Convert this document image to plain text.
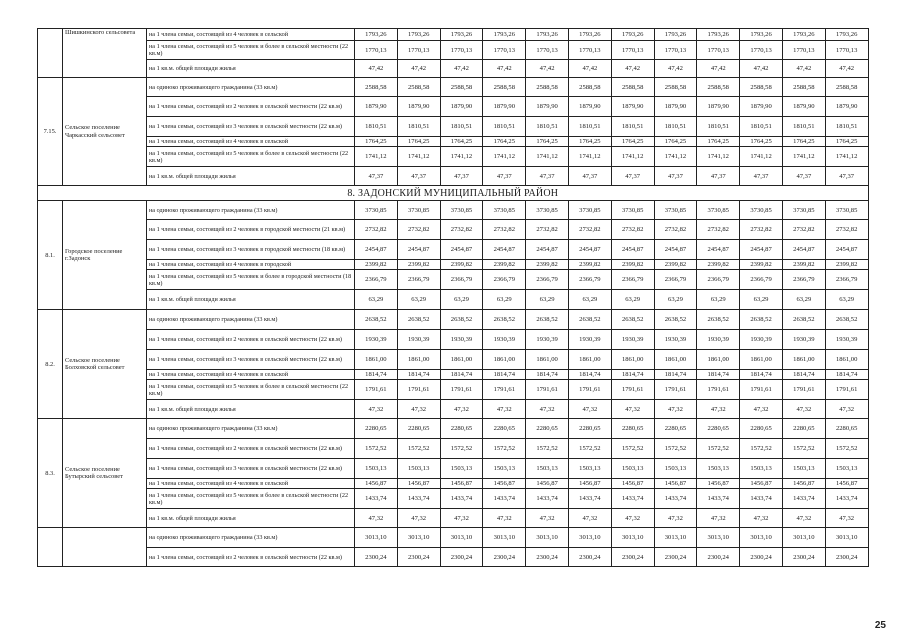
	Шишкинского сельсовета	на 1 члена семьи, состоящей из 4 человек в сельской	1793,26	1793,26	1793,26	1793,26	1793,26	1793,26	1793,26	1793,26	1793,26	1793,26	1793,26	1793,26
		на 1 члена семьи, состоящей из 5 человек и более в сельской местности (22 кв.м)	1770,13	1770,13	1770,13	1770,13	1770,13	1770,13	1770,13	1770,13	1770,13	1770,13	1770,13	1770,13
		на 1 кв.м. общей площади жилья	47,42	47,42	47,42	47,42	47,42	47,42	47,42	47,42	47,42	47,42	47,42	47,42
7.15.	Сельское поселение Чаркасский сельсовет	на одиноко проживающего гражданина (33 кв.м)	2588,58	2588,58	2588,58	2588,58	2588,58	2588,58	2588,58	2588,58	2588,58	2588,58	2588,58	2588,58
		на 1 члена семьи, состоящей из 2 человек в сельской местности (22 кв.м)	1879,90	1879,90	1879,90	1879,90	1879,90	1879,90	1879,90	1879,90	1879,90	1879,90	1879,90	1879,90
		на 1 члена семьи, состоящей из 3 человек в сельской местности (22 кв.м)	1810,51	1810,51	1810,51	1810,51	1810,51	1810,51	1810,51	1810,51	1810,51	1810,51	1810,51	1810,51
		на 1 члена семьи, состоящей из 4 человек в сельской	1764,25	1764,25	1764,25	1764,25	1764,25	1764,25	1764,25	1764,25	1764,25	1764,25	1764,25	1764,25
		на 1 члена семьи, состоящей из 5 человек и более в сельской местности (22 кв.м)	1741,12	1741,12	1741,12	1741,12	1741,12	1741,12	1741,12	1741,12	1741,12	1741,12	1741,12	1741,12
		на 1 кв.м. общей площади жилья	47,37	47,37	47,37	47,37	47,37	47,37	47,37	47,37	47,37	47,37	47,37	47,37
8. ЗАДОНСКИЙ МУНИЦИПАЛЬНЫЙ РАЙОН														
8.1.	Городское поселение г.Задонск	на одиноко проживающего гражданина (33 кв.м)	3730,85	3730,85	3730,85	3730,85	3730,85	3730,85	3730,85	3730,85	3730,85	3730,85	3730,85	3730,85
		на 1 члена семьи, состоящей из 2 человек в городской местности (21 кв.м)	2732,82	2732,82	2732,82	2732,82	2732,82	2732,82	2732,82	2732,82	2732,82	2732,82	2732,82	2732,82
		на 1 члена семьи, состоящей из 3 человек в городской местности (18 кв.м)	2454,87	2454,87	2454,87	2454,87	2454,87	2454,87	2454,87	2454,87	2454,87	2454,87	2454,87	2454,87
		на 1 члена семьи, состоящей из 4 человек в городской	2399,82	2399,82	2399,82	2399,82	2399,82	2399,82	2399,82	2399,82	2399,82	2399,82	2399,82	2399,82
		на 1 члена семьи, состоящей из 5 человек и более в городской местности (18 кв.м)	2366,79	2366,79	2366,79	2366,79	2366,79	2366,79	2366,79	2366,79	2366,79	2366,79	2366,79	2366,79
		на 1 кв.м. общей площади жилья	63,29	63,29	63,29	63,29	63,29	63,29	63,29	63,29	63,29	63,29	63,29	63,29
8.2.	Сельское поселение Болховской сельсовет	на одиноко проживающего гражданина (33 кв.м)	2638,52	2638,52	2638,52	2638,52	2638,52	2638,52	2638,52	2638,52	2638,52	2638,52	2638,52	2638,52
		на 1 члена семьи, состоящей из 2 человек в сельской местности (22 кв.м)	1930,39	1930,39	1930,39	1930,39	1930,39	1930,39	1930,39	1930,39	1930,39	1930,39	1930,39	1930,39
		на 1 члена семьи, состоящей из 3 человек в сельской местности (22 кв.м)	1861,00	1861,00	1861,00	1861,00	1861,00	1861,00	1861,00	1861,00	1861,00	1861,00	1861,00	1861,00
		на 1 члена семьи, состоящей из 4 человек в сельской	1814,74	1814,74	1814,74	1814,74	1814,74	1814,74	1814,74	1814,74	1814,74	1814,74	1814,74	1814,74
		на 1 члена семьи, состоящей из 5 человек и более в сельской местности (22 кв.м)	1791,61	1791,61	1791,61	1791,61	1791,61	1791,61	1791,61	1791,61	1791,61	1791,61	1791,61	1791,61
		на 1 кв.м. общей площади жилья	47,32	47,32	47,32	47,32	47,32	47,32	47,32	47,32	47,32	47,32	47,32	47,32
8.3.	Сельское поселение Бутырский сельсовет	на одиноко проживающего гражданина (33 кв.м)	2280,65	2280,65	2280,65	2280,65	2280,65	2280,65	2280,65	2280,65	2280,65	2280,65	2280,65	2280,65
		на 1 члена семьи, состоящей из 2 человек в сельской местности (22 кв.м)	1572,52	1572,52	1572,52	1572,52	1572,52	1572,52	1572,52	1572,52	1572,52	1572,52	1572,52	1572,52
		на 1 члена семьи, состоящей из 3 человек в сельской местности (22 кв.м)	1503,13	1503,13	1503,13	1503,13	1503,13	1503,13	1503,13	1503,13	1503,13	1503,13	1503,13	1503,13
		на 1 члена семьи, состоящей из 4 человек в сельской	1456,87	1456,87	1456,87	1456,87	1456,87	1456,87	1456,87	1456,87	1456,87	1456,87	1456,87	1456,87
		на 1 члена семьи, состоящей из 5 человек и более в сельской местности (22 кв.м)	1433,74	1433,74	1433,74	1433,74	1433,74	1433,74	1433,74	1433,74	1433,74	1433,74	1433,74	1433,74
		на 1 кв.м. общей площади жилья	47,32	47,32	47,32	47,32	47,32	47,32	47,32	47,32	47,32	47,32	47,32	47,32
		на одиноко проживающего гражданина (33 кв.м)	3013,10	3013,10	3013,10	3013,10	3013,10	3013,10	3013,10	3013,10	3013,10	3013,10	3013,10	3013,10
		на 1 члена семьи, состоящей из 2 человек в сельской местности (22 кв.м)	2300,24	2300,24	2300,24	2300,24	2300,24	2300,24	2300,24	2300,24	2300,24	2300,24	2300,24	2300,24
25
